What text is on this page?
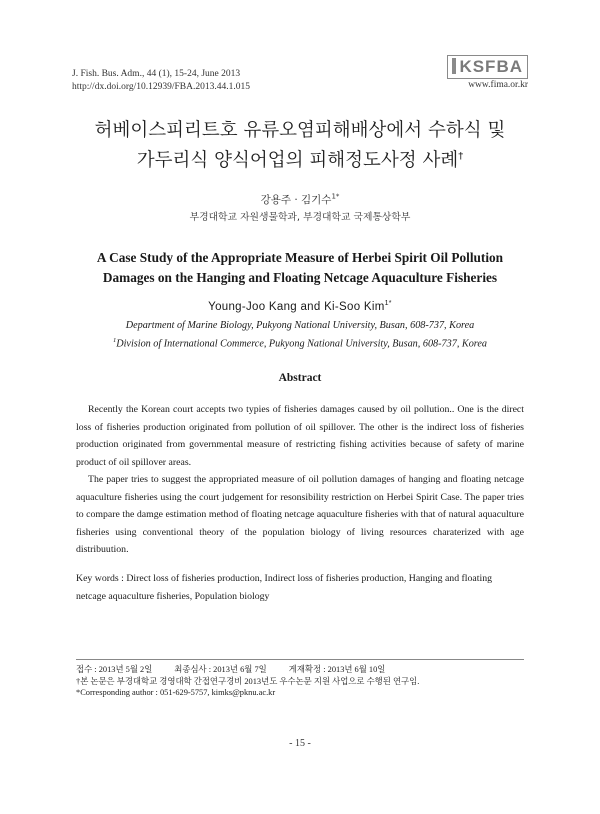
J. Fish. Bus. Adm., 44 (1), 15-24, June 2013
http://dx.doi.org/10.12939/FBA.2013.44.1.015
KSFBA
www.fima.or.kr
허베이스피리트호 유류오염피해배상에서 수하식 및
가두리식 양식어업의 피해정도사정 사례†
강용주 · 김기수$^{1*}$
부경대학교 자원생물학과, 부경대학교 국제통상학부
A Case Study of the Appropriate Measure of Herbei Spirit Oil Pollution
Damages on the Hanging and Floating Netcage Aquaculture Fisheries
Young-Joo Kang and Ki-Soo Kim$^{1*}$
Department of Marine Biology, Pukyong National University, Busan, 608-737, Korea
$^1$Division of International Commerce, Pukyong National University, Busan, 608-737, Korea
Abstract

Recently the Korean court accepts two typies of fisheries damages caused by oil pollution.. One is the direct loss of fisheries production originated from pollution of oil spillover. The other is the indirect loss of fisheries production originated from governmental measure of restricting fishing activities because of safety of marine product of oil spillover areas.

The paper tries to suggest the appropriated measure of oil pollution damages of hanging and floating netcage aquaculture fisheries using the court judgement for resonsibility restriction on Herbei Spirit Case. The paper tries to compare the damge estimation method of floating netcage aquaculture fisheries with that of natural aquaculture fisheries using conventional theory of the population biology of living resources charaterized with age distribuution.

Key words : Direct loss of fisheries production, Indirect loss of fisheries production, Hanging and floating netcage aquaculture fisheries, Population biology
접수 : 2013년 5월 2일	최종심사 : 2013년 6월 7일	게재확정 : 2013년 6월 10일
†본 논문은 부경대학교 경영대학 간접연구경비 2013년도 우수논문 지원 사업으로 수행된 연구임.
*Corresponding author : 051-629-5757, kimks@pknu.ac.kr
- 15 -
